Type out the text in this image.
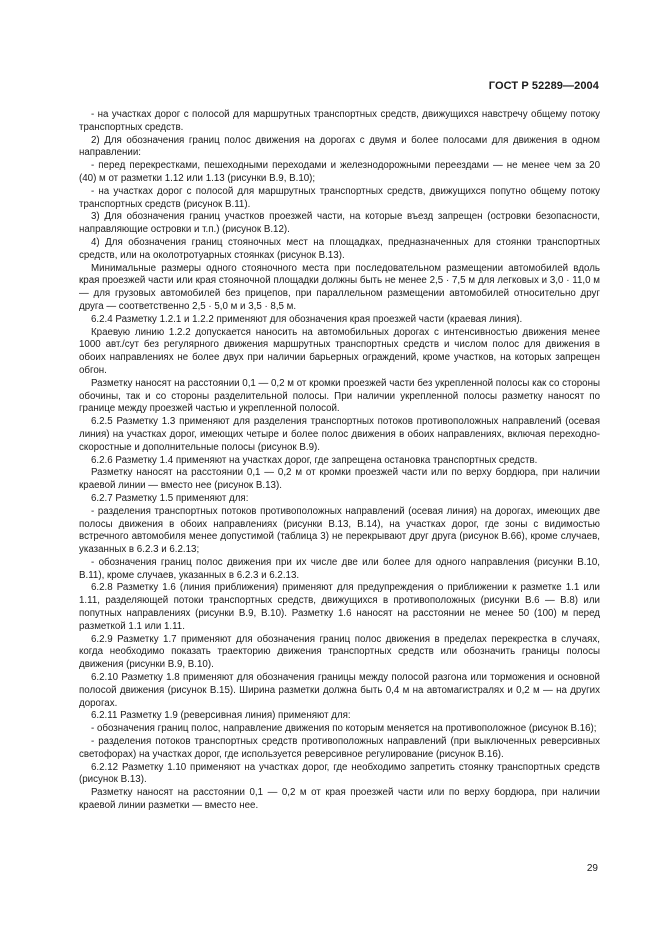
ГОСТ Р 52289—2004

- на участках дорог с полосой для маршрутных транспортных средств, движущихся навстречу общему потоку транспортных средств.

2) Для обозначения границ полос движения на дорогах с двумя и более полосами для движения в одном направлении:

- перед перекрестками, пешеходными переходами и железнодорожными переездами — не менее чем за 20 (40) м от разметки 1.12 или 1.13 (рисунки В.9, В.10);

- на участках дорог с полосой для маршрутных транспортных средств, движущихся попутно общему потоку транспортных средств (рисунок В.11).

3) Для обозначения границ участков проезжей части, на которые въезд запрещен (островки безопасности, направляющие островки и т.п.) (рисунок В.12).

4) Для обозначения границ стояночных мест на площадках, предназначенных для стоянки транспортных средств, или на околотротуарных стоянках (рисунок В.13).

Минимальные размеры одного стояночного места при последовательном размещении автомобилей вдоль края проезжей части или края стояночной площадки должны быть не менее 2,5 · 7,5 м для легковых и 3,0 · 11,0 м — для грузовых автомобилей без прицепов, при параллельном размещении автомобилей относительно друг друга — соответственно 2,5 · 5,0 м и 3,5 · 8,5 м.

6.2.4 Разметку 1.2.1 и 1.2.2 применяют для обозначения края проезжей части (краевая линия).

Краевую линию 1.2.2 допускается наносить на автомобильных дорогах с интенсивностью движения менее 1000 авт./сут без регулярного движения маршрутных транспортных средств и числом полос для движения в обоих направлениях не более двух при наличии барьерных ограждений, кроме участков, на которых запрещен обгон.

Разметку наносят на расстоянии 0,1 — 0,2 м от кромки проезжей части без укрепленной полосы как со стороны обочины, так и со стороны разделительной полосы. При наличии укрепленной полосы разметку наносят по границе между проезжей частью и укрепленной полосой.

6.2.5 Разметку 1.3 применяют для разделения транспортных потоков противоположных направлений (осевая линия) на участках дорог, имеющих четыре и более полос движения в обоих направлениях, включая переходно-скоростные и дополнительные полосы (рисунок В.9).

6.2.6 Разметку 1.4 применяют на участках дорог, где запрещена остановка транспортных средств.

Разметку наносят на расстоянии 0,1 — 0,2 м от кромки проезжей части или по верху бордюра, при наличии краевой линии — вместо нее (рисунок В.13).

6.2.7 Разметку 1.5 применяют для:

- разделения транспортных потоков противоположных направлений (осевая линия) на дорогах, имеющих две полосы движения в обоих направлениях (рисунки В.13, В.14), на участках дорог, где зоны с видимостью встречного автомобиля менее допустимой (таблица 3) не перекрывают друг друга (рисунок В.66), кроме случаев, указанных в 6.2.3 и 6.2.13;

- обозначения границ полос движения при их числе две или более для одного направления (рисунки В.10, В.11), кроме случаев, указанных в 6.2.3 и 6.2.13.

6.2.8 Разметку 1.6 (линия приближения) применяют для предупреждения о приближении к разметке 1.1 или 1.11, разделяющей потоки транспортных средств, движущихся в противоположных (рисунки В.6 — В.8) или попутных направлениях (рисунки В.9, В.10). Разметку 1.6 наносят на расстоянии не менее 50 (100) м перед разметкой 1.1 или 1.11.

6.2.9 Разметку 1.7 применяют для обозначения границ полос движения в пределах перекрестка в случаях, когда необходимо показать траекторию движения транспортных средств или обозначить границы полосы движения (рисунки В.9, В.10).

6.2.10 Разметку 1.8 применяют для обозначения границы между полосой разгона или торможения и основной полосой движения (рисунок В.15). Ширина разметки должна быть 0,4 м на автомагистралях и 0,2 м — на других дорогах.

6.2.11 Разметку 1.9 (реверсивная линия) применяют для:

- обозначения границ полос, направление движения по которым меняется на противоположное (рисунок В.16);

- разделения потоков транспортных средств противоположных направлений (при выключенных реверсивных светофорах) на участках дорог, где используется реверсивное регулирование (рисунок В.16).

6.2.12 Разметку 1.10 применяют на участках дорог, где необходимо запретить стоянку транспортных средств (рисунок В.13).

Разметку наносят на расстоянии 0,1 — 0,2 м от края проезжей части или по верху бордюра, при наличии краевой линии разметки — вместо нее.

29
